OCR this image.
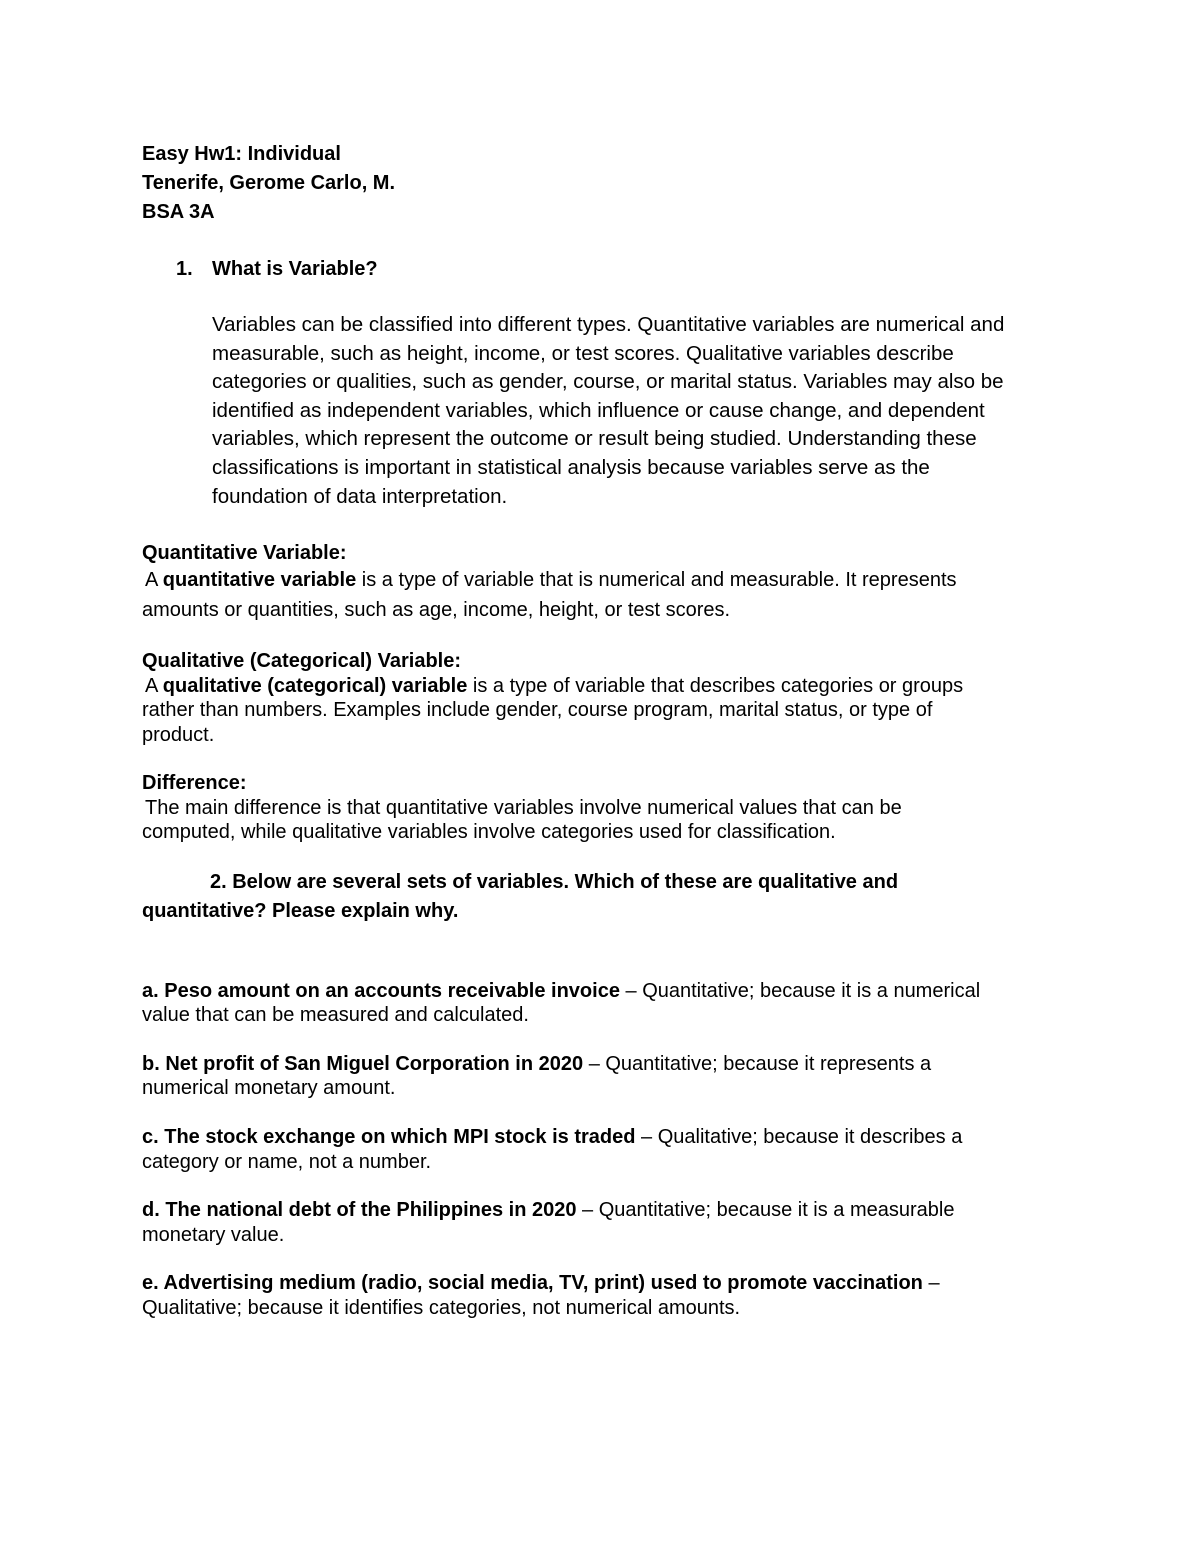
Easy Hw1: Individual

Tenerife, Gerome Carlo, M.

BSA 3A

1. What is Variable?

Variables can be classified into different types. Quantitative variables are numerical and
measurable, such as height, income, or test scores. Qualitative variables describe
categories or qualities, such as gender, course, or marital status. Variables may also be
identified as independent variables, which influence or cause change, and dependent
variables, which represent the outcome or result being studied. Understanding these
classifications is important in statistical analysis because variables serve as the
foundation of data interpretation.

Quantitative Variable:

A quantitative variable is a type of variable that is numerical and measurable. It represents

amounts or quantities, such as age, income, height, or test scores.

Qualitative (Categorical) Variable:

A qualitative (categorical) variable is a type of variable that describes categories or groups

rather than numbers. Examples include gender, course program, marital status, or type of

product.

Difference:

The main difference is that quantitative variables involve numerical values that can be

computed, while qualitative variables involve categories used for classification.

2. Below are several sets of variables. Which of these are qualitative and

quantitative? Please explain why.

a. Peso amount on an accounts receivable invoice – Quantitative; because it is a numerical

value that can be measured and calculated.

b. Net profit of San Miguel Corporation in 2020 – Quantitative; because it represents a

numerical monetary amount.

c. The stock exchange on which MPI stock is traded – Qualitative; because it describes a

category or name, not a number.

d. The national debt of the Philippines in 2020 – Quantitative; because it is a measurable

monetary value.

e. Advertising medium (radio, social media, TV, print) used to promote vaccination –

Qualitative; because it identifies categories, not numerical amounts.
